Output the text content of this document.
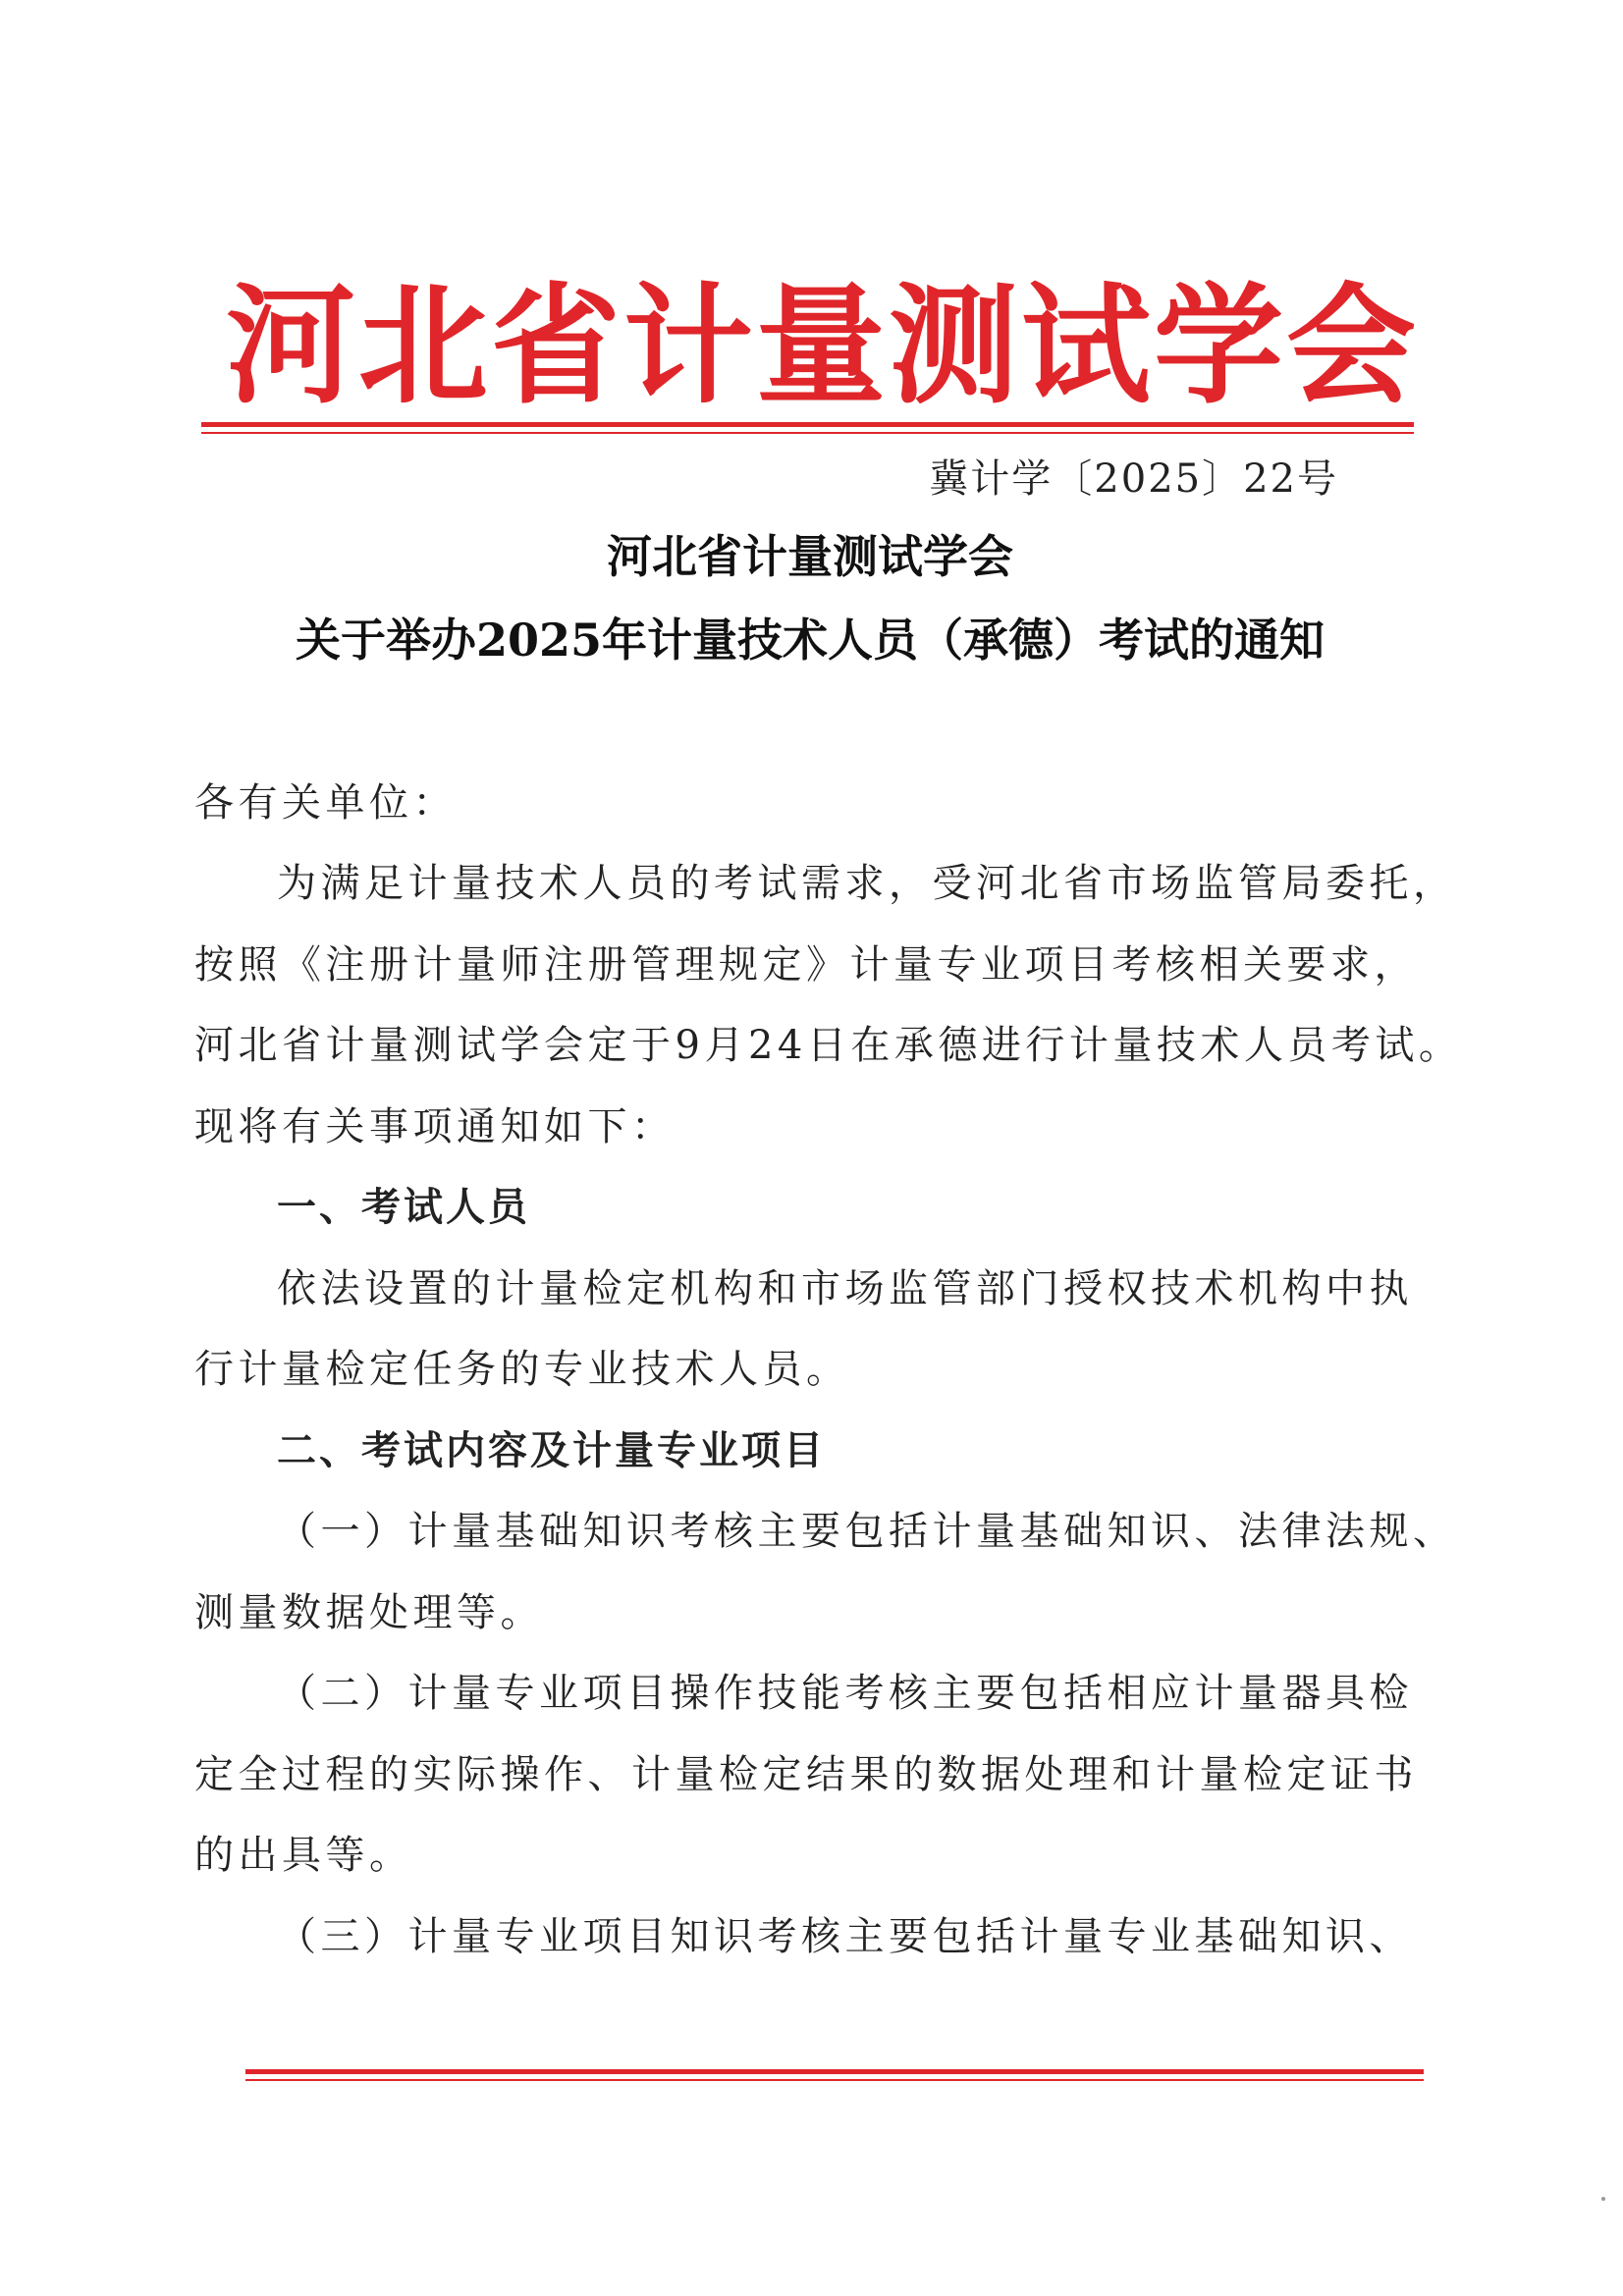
河北省计量测试学会
冀计学〔2025〕22号
河北省计量测试学会
关于举办2025年计量技术人员（承德）考试的通知
各有关单位：
为满足计量技术人员的考试需求，受河北省市场监管局委托，
按照《注册计量师注册管理规定》计量专业项目考核相关要求，
河北省计量测试学会定于9月24日在承德进行计量技术人员考试。
现将有关事项通知如下：
一、考试人员
依法设置的计量检定机构和市场监管部门授权技术机构中执
行计量检定任务的专业技术人员。
二、考试内容及计量专业项目
（一）计量基础知识考核主要包括计量基础知识、法律法规、
测量数据处理等。
（二）计量专业项目操作技能考核主要包括相应计量器具检
定全过程的实际操作、计量检定结果的数据处理和计量检定证书
的出具等。
（三）计量专业项目知识考核主要包括计量专业基础知识、
